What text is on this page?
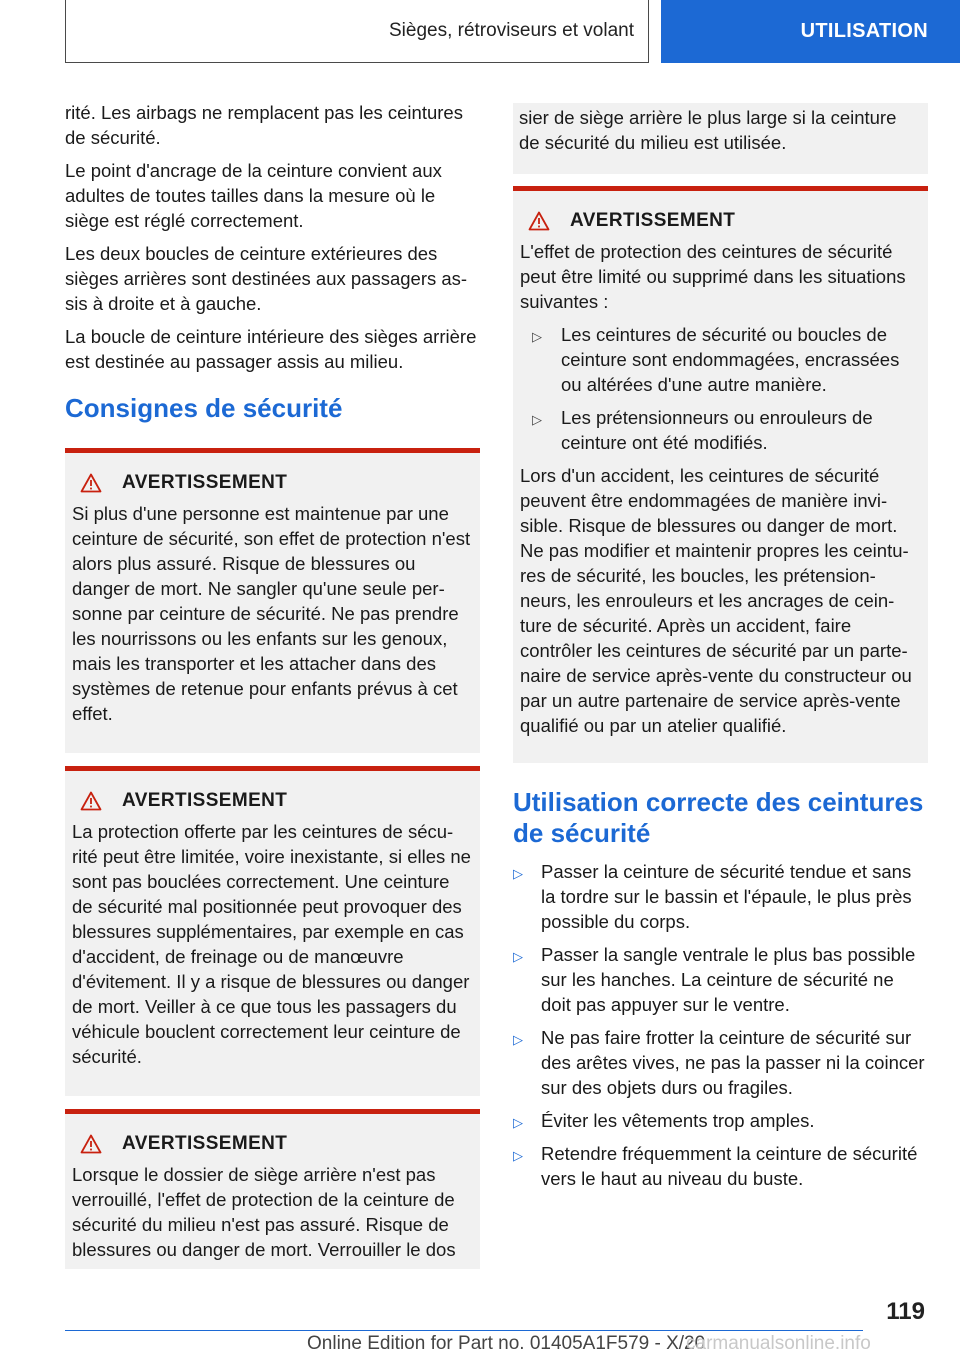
Sièges, rétroviseurs et volant	UTILISATION

rité. Les airbags ne remplacent pas les ceintures de sécurité.

Le point d'ancrage de la ceinture convient aux adultes de toutes tailles dans la mesure où le siège est réglé correctement.

Les deux boucles de ceinture extérieures des sièges arrières sont destinées aux passagers assis à droite et à gauche.

La boucle de ceinture intérieure des sièges arrière est destinée au passager assis au milieu.

Consignes de sécurité
AVERTISSEMENT

Si plus d'une personne est maintenue par une ceinture de sécurité, son effet de protection n'est alors plus assuré. Risque de blessures ou danger de mort. Ne sangler qu'une seule personne par ceinture de sécurité. Ne pas prendre les nourrissons ou les enfants sur les genoux, mais les transporter et les attacher dans des systèmes de retenue pour enfants prévus à cet effet.

AVERTISSEMENT

La protection offerte par les ceintures de sécurité peut être limitée, voire inexistante, si elles ne sont pas bouclées correctement. Une ceinture de sécurité mal positionnée peut provoquer des blessures supplémentaires, par exemple en cas d'accident, de freinage ou de manœuvre d'évitement. Il y a risque de blessures ou danger de mort. Veiller à ce que tous les passagers du véhicule bouclent correctement leur ceinture de sécurité.

AVERTISSEMENT

Lorsque le dossier de siège arrière n'est pas verrouillé, l'effet de protection de la ceinture de sécurité du milieu n'est pas assuré. Risque de blessures ou danger de mort. Verrouiller le dos

sier de siège arrière le plus large si la ceinture de sécurité du milieu est utilisée.

AVERTISSEMENT

L'effet de protection des ceintures de sécurité peut être limité ou supprimé dans les situations suivantes :

▷ Les ceintures de sécurité ou boucles de ceinture sont endommagées, encrassées ou altérées d'une autre manière.
▷ Les prétensionneurs ou enrouleurs de ceinture ont été modifiés.

Lors d'un accident, les ceintures de sécurité peuvent être endommagées de manière invisible. Risque de blessures ou danger de mort. Ne pas modifier et maintenir propres les ceintures de sécurité, les boucles, les prétensionneurs, les enrouleurs et les ancrages de ceinture de sécurité. Après un accident, faire contrôler les ceintures de sécurité par un partenaire de service après-vente du constructeur ou par un autre partenaire de service après-vente qualifié ou par un atelier qualifié.

Utilisation correcte des ceintures de sécurité
▷ Passer la ceinture de sécurité tendue et sans la tordre sur le bassin et l'épaule, le plus près possible du corps.
▷ Passer la sangle ventrale le plus bas possible sur les hanches. La ceinture de sécurité ne doit pas appuyer sur le ventre.
▷ Ne pas faire frotter la ceinture de sécurité sur des arêtes vives, ne pas la passer ni la coincer sur des objets durs ou fragiles.
▷ Éviter les vêtements trop amples.
▷ Retendre fréquemment la ceinture de sécurité vers le haut au niveau du buste.
119
Online Edition for Part no. 01405A1F579 - X/20
carmanualsonline.info
